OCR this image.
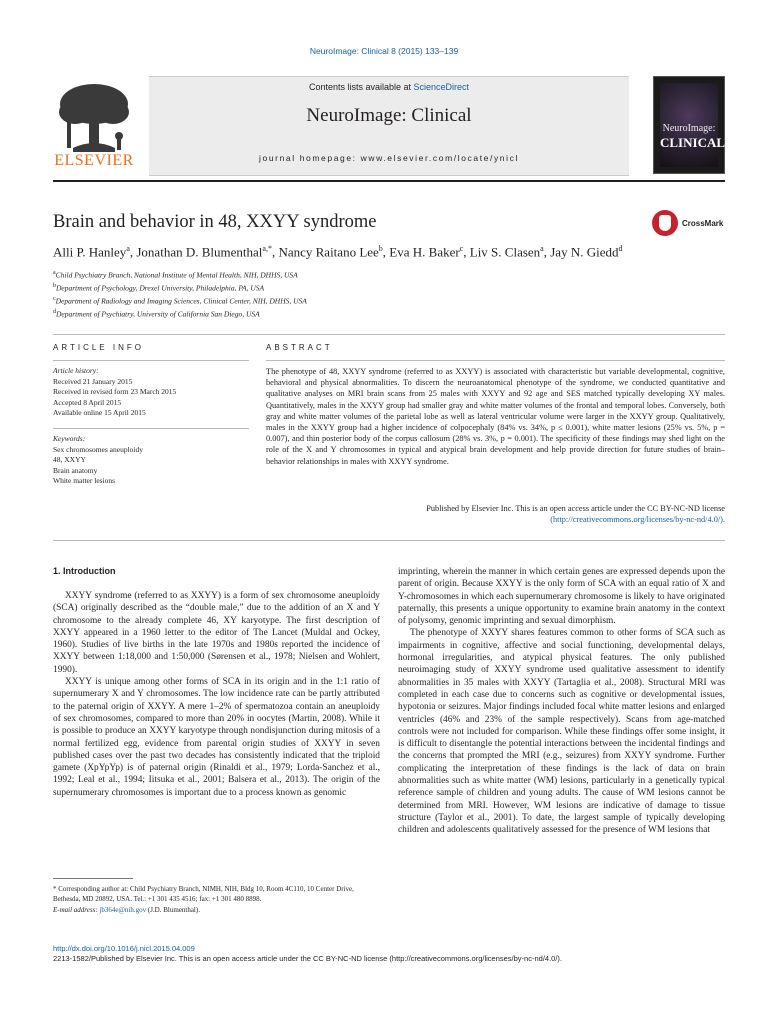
NeuroImage: Clinical 8 (2015) 133–139
ELSEVIER
Contents lists available at ScienceDirect
NeuroImage: Clinical
journal homepage: www.elsevier.com/locate/ynicl
NeuroImage:
CLINICAL
Brain and behavior in 48, XXYY syndrome	CrossMark
Alli P. Hanley$^a$, Jonathan D. Blumenthal$^{a,*}$, Nancy Raitano Lee$^b$, Eva H. Baker$^c$, Liv S. Clasen$^a$, Jay N. Giedd$^d$
$^a$Child Psychiatry Branch, National Institute of Mental Health, NIH, DHHS, USA
$^b$Department of Psychology, Drexel University, Philadelphia, PA, USA
$^c$Department of Radiology and Imaging Sciences, Clinical Center, NIH, DHHS, USA
$^d$Department of Psychiatry, University of California San Diego, USA
ARTICLE INFO	ABSTRACT
Article history:
Received 21 January 2015
Received in revised form 23 March 2015
Accepted 8 April 2015
Available online 15 April 2015
Keywords:
Sex chromosomes aneuploidy
48, XXYY
Brain anatomy
White matter lesions
The phenotype of 48, XXYY syndrome (referred to as XXYY) is associated with characteristic but variable developmental, cognitive, behavioral and physical abnormalities. To discern the neuroanatomical phenotype of the syndrome, we conducted quantitative and qualitative analyses on MRI brain scans from 25 males with XXYY and 92 age and SES matched typically developing XY males. Quantitatively, males in the XXYY group had smaller gray and white matter volumes of the frontal and temporal lobes. Conversely, both gray and white matter volumes of the parietal lobe as well as lateral ventricular volume were larger in the XXYY group. Qualitatively, males in the XXYY group had a higher incidence of colpocephaly (84% vs. 34%, p ≤ 0.001), white matter lesions (25% vs. 5%, p = 0.007), and thin posterior body of the corpus callosum (28% vs. 3%, p = 0.001). The specificity of these findings may shed light on the role of the X and Y chromosomes in typical and atypical brain development and help provide direction for future studies of brain–behavior relationships in males with XXYY syndrome.
Published by Elsevier Inc. This is an open access article under the CC BY-NC-ND license
(http://creativecommons.org/licenses/by-nc-nd/4.0/).
1. Introduction

XXYY syndrome (referred to as XXYY) is a form of sex chromosome aneuploidy (SCA) originally described as the “double male,” due to the addition of an X and Y chromosome to the already complete 46, XY karyotype. The first description of XXYY appeared in a 1960 letter to the editor of The Lancet (Muldal and Ockey, 1960). Studies of live births in the late 1970s and 1980s reported the incidence of XXYY between 1:18,000 and 1:50,000 (Sørensen et al., 1978; Nielsen and Wohlert, 1990).

XXYY is unique among other forms of SCA in its origin and in the 1:1 ratio of supernumerary X and Y chromosomes. The low incidence rate can be partly attributed to the paternal origin of XXYY. A mere 1–2% of spermatozoa contain an aneuploidy of sex chromosomes, compared to more than 20% in oocytes (Martin, 2008). While it is possible to produce an XXYY karyotype through nondisjunction during mitosis of a normal fertilized egg, evidence from parental origin studies of XXYY in seven published cases over the past two decades has consistently indicated that the triploid gamete (XpYpYp) is of paternal origin (Rinaldi et al., 1979; Lorda-Sanchez et al., 1992; Leal et al., 1994; Iitsuka et al., 2001; Balsera et al., 2013). The origin of the supernumerary chromosomes is important due to a process known as genomic

imprinting, wherein the manner in which certain genes are expressed depends upon the parent of origin. Because XXYY is the only form of SCA with an equal ratio of X and Y-chromosomes in which each supernumerary chromosome is likely to have originated paternally, this presents a unique opportunity to examine brain anatomy in the context of polysomy, genomic imprinting and sexual dimorphism.

The phenotype of XXYY shares features common to other forms of SCA such as impairments in cognitive, affective and social functioning, developmental delays, hormonal irregularities, and atypical physical features. The only published neuroimaging study of XXYY syndrome used qualitative assessment to identify abnormalities in 35 males with XXYY (Tartaglia et al., 2008). Structural MRI was completed in each case due to concerns such as cognitive or developmental issues, hypotonia or seizures. Major findings included focal white matter lesions and enlarged ventricles (46% and 23% of the sample respectively). Scans from age-matched controls were not included for comparison. While these findings offer some insight, it is difficult to disentangle the potential interactions between the incidental findings and the concerns that prompted the MRI (e.g., seizures) from XXYY syndrome. Further complicating the interpretation of these findings is the lack of data on brain abnormalities such as white matter (WM) lesions, particularly in a genetically typical reference sample of children and young adults. The cause of WM lesions cannot be determined from MRI. However, WM lesions are indicative of damage to tissue structure (Taylor et al., 2001). To date, the largest sample of typically developing children and adolescents qualitatively assessed for the presence of WM lesions that

* Corresponding author at: Child Psychiatry Branch, NIMH, NIH, Bldg 10, Room 4C110, 10 Center Drive, Bethesda, MD 20892, USA. Tel.: +1 301 435 4516; fax: +1 301 480 8898.
E-mail address: jb364e@nih.gov (J.D. Blumenthal).
http://dx.doi.org/10.1016/j.nicl.2015.04.009
2213-1582/Published by Elsevier Inc. This is an open access article under the CC BY-NC-ND license (http://creativecommons.org/licenses/by-nc-nd/4.0/).
